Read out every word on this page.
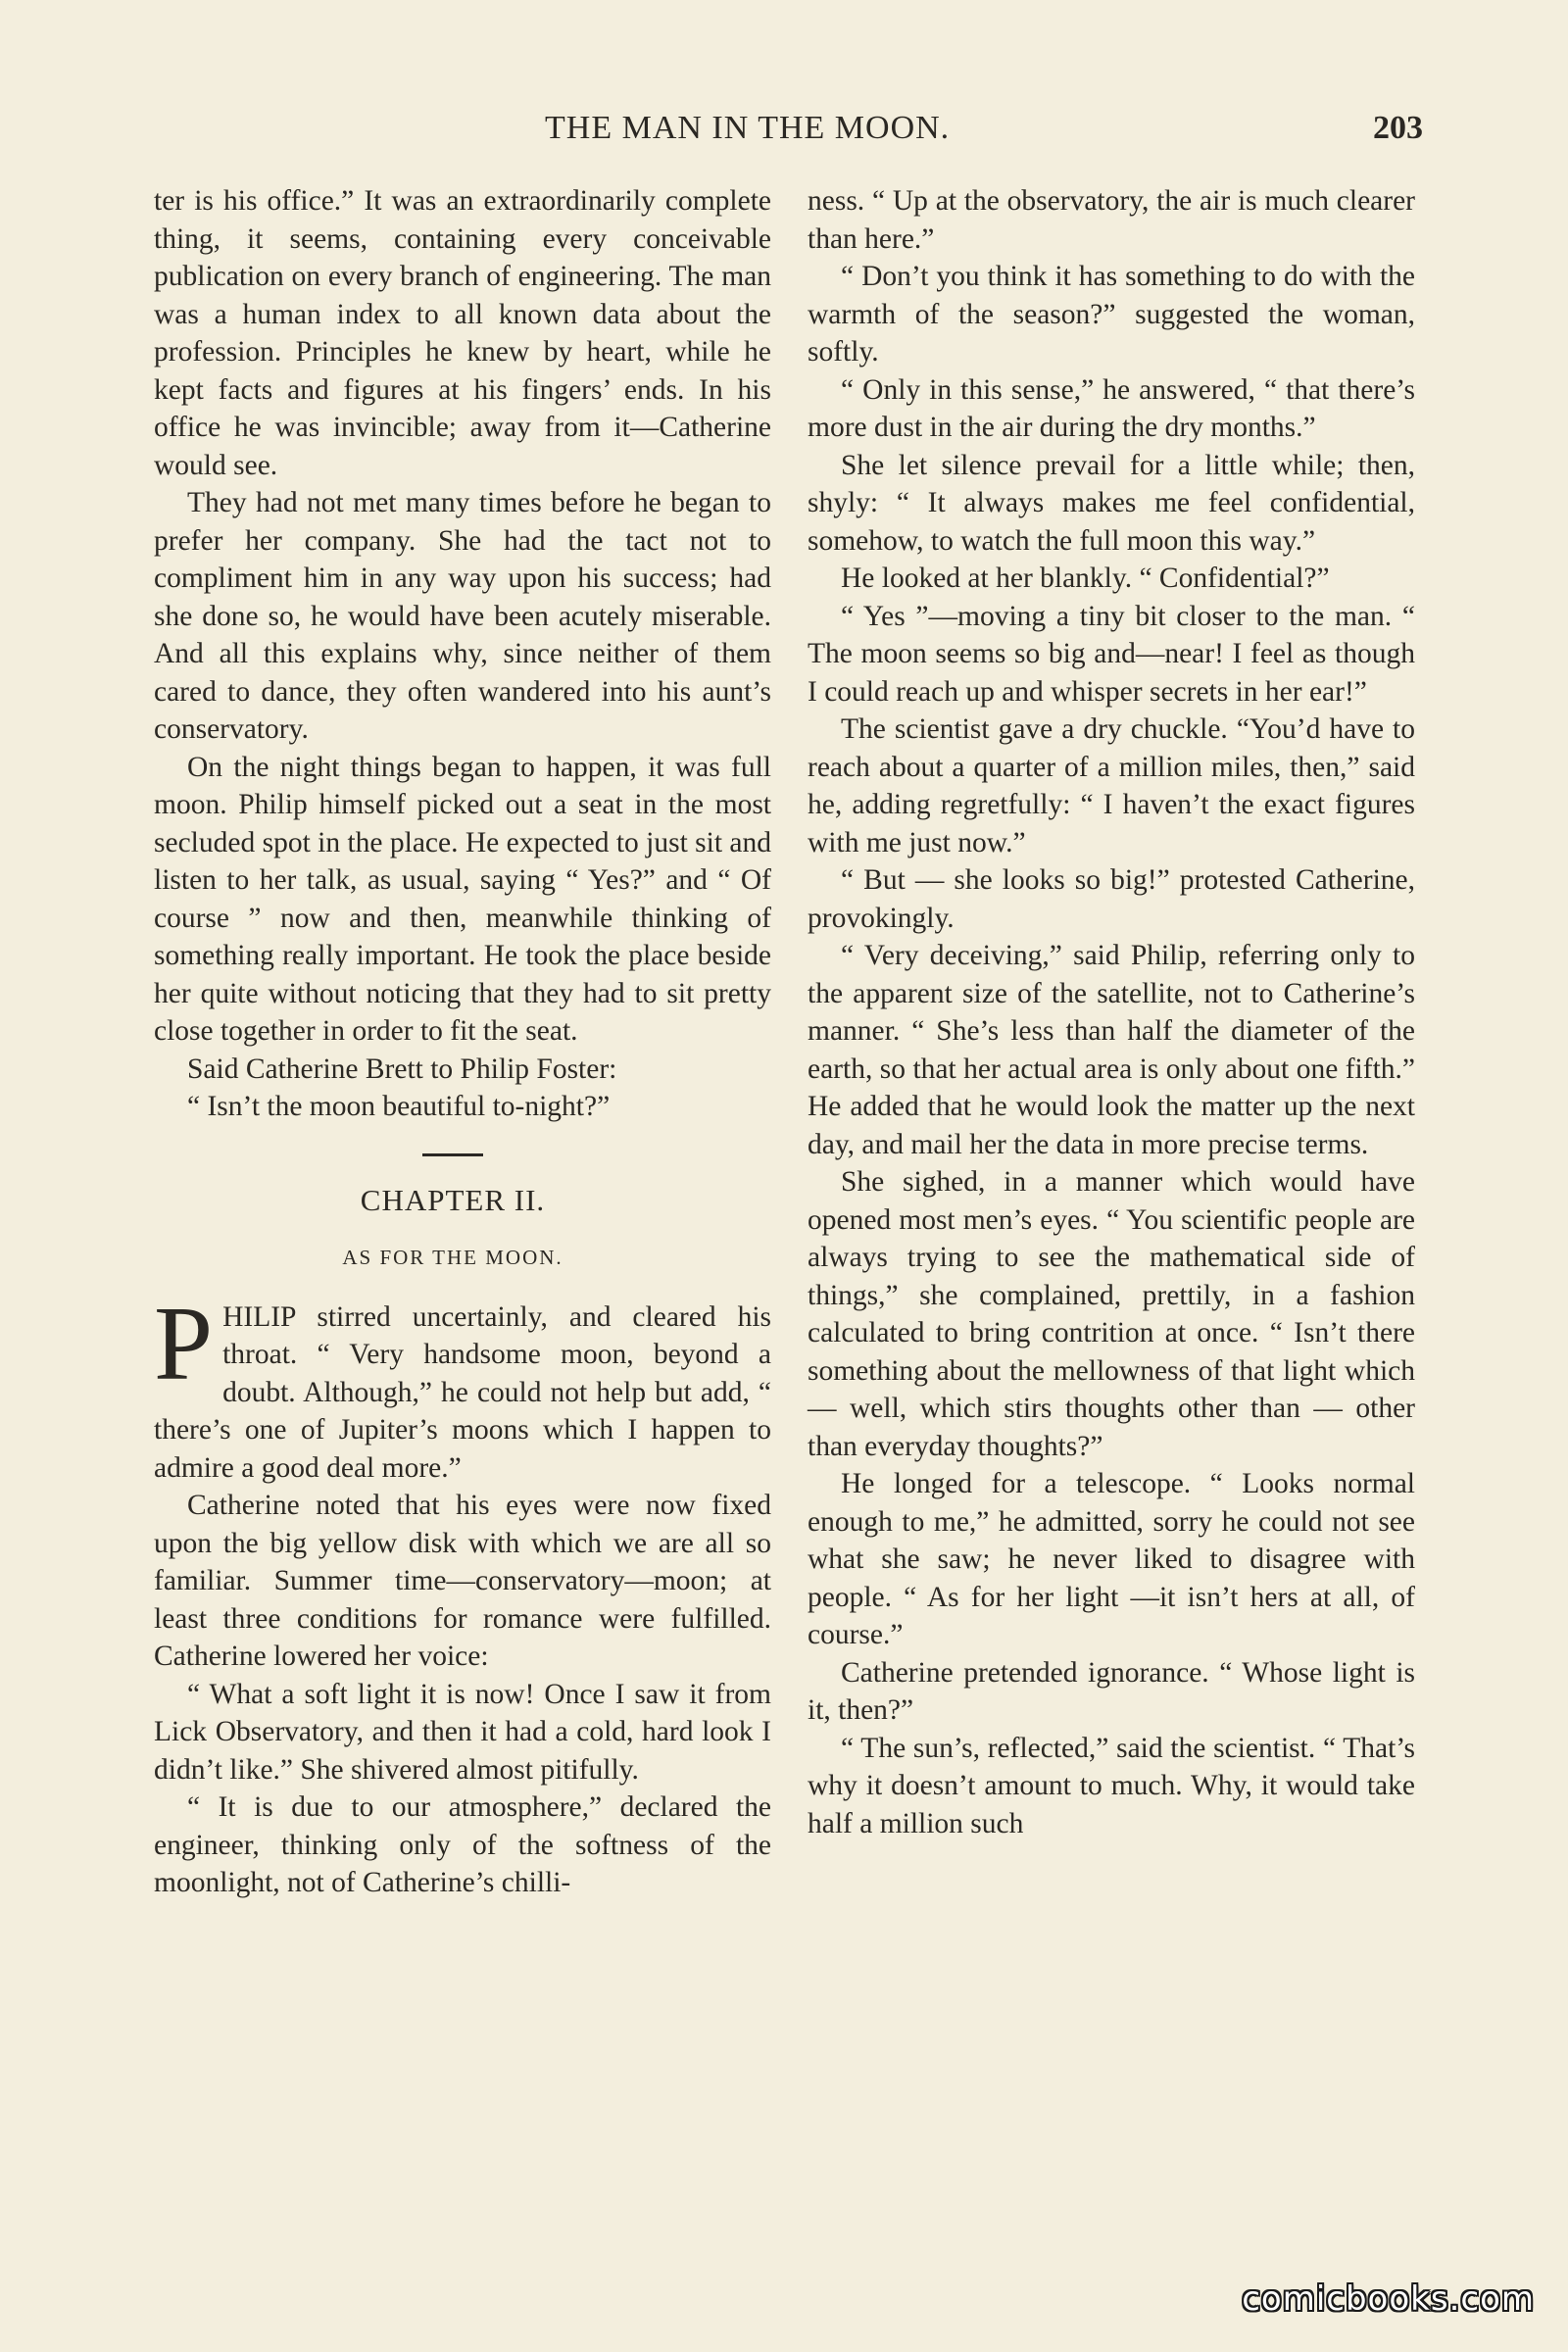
THE MAN IN THE MOON.	203

ter is his office.” It was an extraordinarily complete thing, it seems, containing every conceivable publication on every branch of engineering. The man was a human index to all known data about the profession. Principles he knew by heart, while he kept facts and figures at his fingers’ ends. In his office he was invincible; away from it—Catherine would see.

They had not met many times before he began to prefer her company. She had the tact not to compliment him in any way upon his success; had she done so, he would have been acutely miserable. And all this explains why, since neither of them cared to dance, they often wandered into his aunt’s conservatory.

On the night things began to happen, it was full moon. Philip himself picked out a seat in the most secluded spot in the place. He expected to just sit and listen to her talk, as usual, saying “ Yes?” and “ Of course ” now and then, meanwhile thinking of something really important. He took the place beside her quite without noticing that they had to sit pretty close together in order to fit the seat.

Said Catherine Brett to Philip Foster:

“ Isn’t the moon beautiful to-night?”

CHAPTER II.
AS FOR THE MOON.

PHILIP stirred uncertainly, and cleared his throat. “ Very handsome moon, beyond a doubt. Although,” he could not help but add, “ there’s one of Jupiter’s moons which I happen to admire a good deal more.”

Catherine noted that his eyes were now fixed upon the big yellow disk with which we are all so familiar. Summer time—conservatory—moon; at least three conditions for romance were fulfilled. Catherine lowered her voice:

“ What a soft light it is now! Once I saw it from Lick Observatory, and then it had a cold, hard look I didn’t like.” She shivered almost pitifully.

“ It is due to our atmosphere,” declared the engineer, thinking only of the softness of the moonlight, not of Catherine’s chilli-

ness. “ Up at the observatory, the air is much clearer than here.”

“ Don’t you think it has something to do with the warmth of the season?” suggested the woman, softly.

“ Only in this sense,” he answered, “ that there’s more dust in the air during the dry months.”

She let silence prevail for a little while; then, shyly: “ It always makes me feel confidential, somehow, to watch the full moon this way.”

He looked at her blankly. “ Confidential?”

“ Yes ”—moving a tiny bit closer to the man. “ The moon seems so big and—near! I feel as though I could reach up and whisper secrets in her ear!”

The scientist gave a dry chuckle. “You’d have to reach about a quarter of a million miles, then,” said he, adding regretfully: “ I haven’t the exact figures with me just now.”

“ But — she looks so big!” protested Catherine, provokingly.

“ Very deceiving,” said Philip, referring only to the apparent size of the satellite, not to Catherine’s manner. “ She’s less than half the diameter of the earth, so that her actual area is only about one fifth.” He added that he would look the matter up the next day, and mail her the data in more precise terms.

She sighed, in a manner which would have opened most men’s eyes. “ You scientific people are always trying to see the mathematical side of things,” she complained, prettily, in a fashion calculated to bring contrition at once. “ Isn’t there something about the mellowness of that light which — well, which stirs thoughts other than — other than everyday thoughts?”

He longed for a telescope. “ Looks normal enough to me,” he admitted, sorry he could not see what she saw; he never liked to disagree with people. “ As for her light —it isn’t hers at all, of course.”

Catherine pretended ignorance. “ Whose light is it, then?”

“ The sun’s, reflected,” said the scientist. “ That’s why it doesn’t amount to much. Why, it would take half a million such

comicbooks.com
